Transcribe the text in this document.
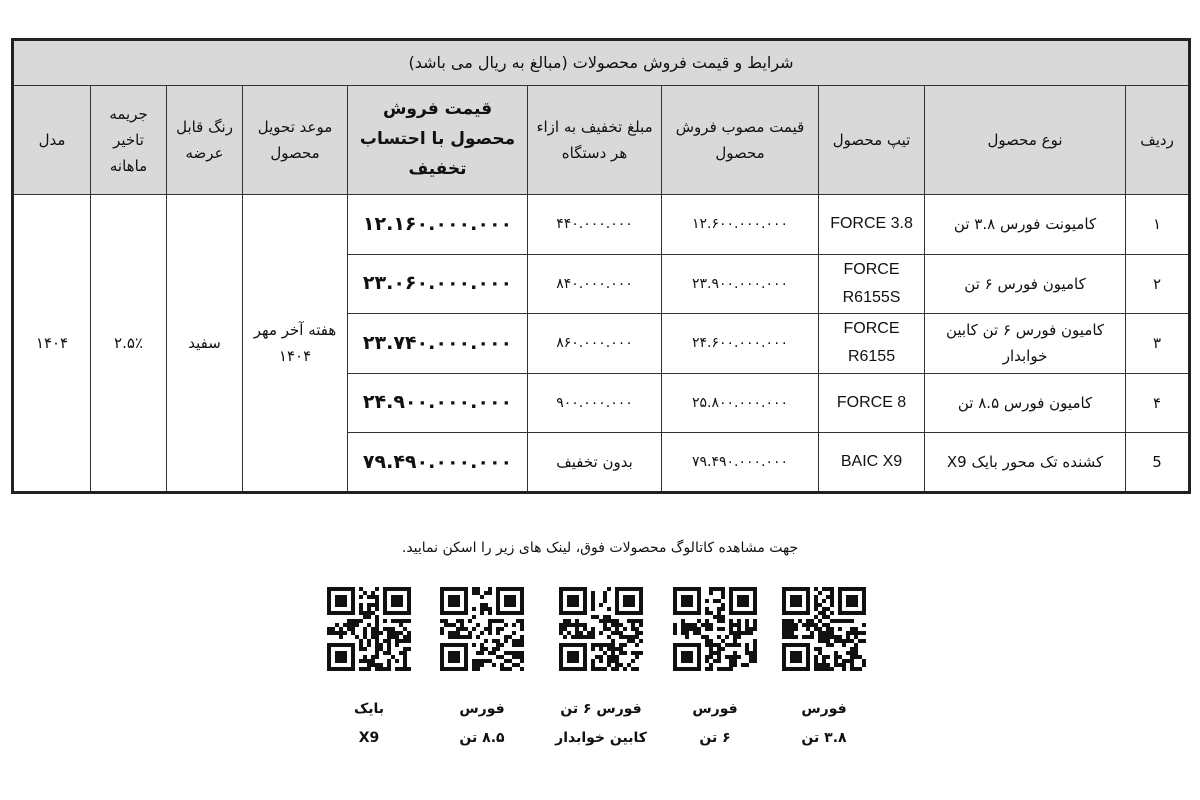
شرایط و قیمت فروش محصولات (مبالغ به ریال می باشد)									
ردیف	نوع محصول	تیپ محصول	قیمت مصوب فروش محصول	مبلغ تخفیف به ازاء هر دستگاه	قیمت فروش محصول با احتساب تخفیف	موعد تحویل محصول	رنگ قابل عرضه	جریمه تاخیر ماهانه	مدل
۱	کامیونت فورس ۳.۸ تن	FORCE 3.8	۱۲.۶۰۰.۰۰۰.۰۰۰	۴۴۰.۰۰۰.۰۰۰	۱۲.۱۶۰.۰۰۰.۰۰۰	هفته آخر مهر ۱۴۰۴	سفید	۲.۵٪	۱۴۰۴
۲	کامیون فورس ۶ تن	FORCE R6155S	۲۳.۹۰۰.۰۰۰.۰۰۰	۸۴۰.۰۰۰.۰۰۰	۲۳.۰۶۰.۰۰۰.۰۰۰				
۳	کامیون فورس ۶ تن کابین خوابدار	FORCE R6155	۲۴.۶۰۰.۰۰۰.۰۰۰	۸۶۰.۰۰۰.۰۰۰	۲۳.۷۴۰.۰۰۰.۰۰۰				
۴	کامیون فورس ۸.۵ تن	FORCE 8	۲۵.۸۰۰.۰۰۰.۰۰۰	۹۰۰.۰۰۰.۰۰۰	۲۴.۹۰۰.۰۰۰.۰۰۰				
5	کشنده تک محور بایک X9	BAIC X9	۷۹.۴۹۰.۰۰۰.۰۰۰	بدون تخفیف	۷۹.۴۹۰.۰۰۰.۰۰۰				
جهت مشاهده کاتالوگ محصولات فوق، لینک های زیر را اسکن نمایید.
فورس
۳.۸ تن
فورس
۶ تن
فورس ۶ تن
کابین خوابدار
فورس
۸.۵ تن
بایک
X9
